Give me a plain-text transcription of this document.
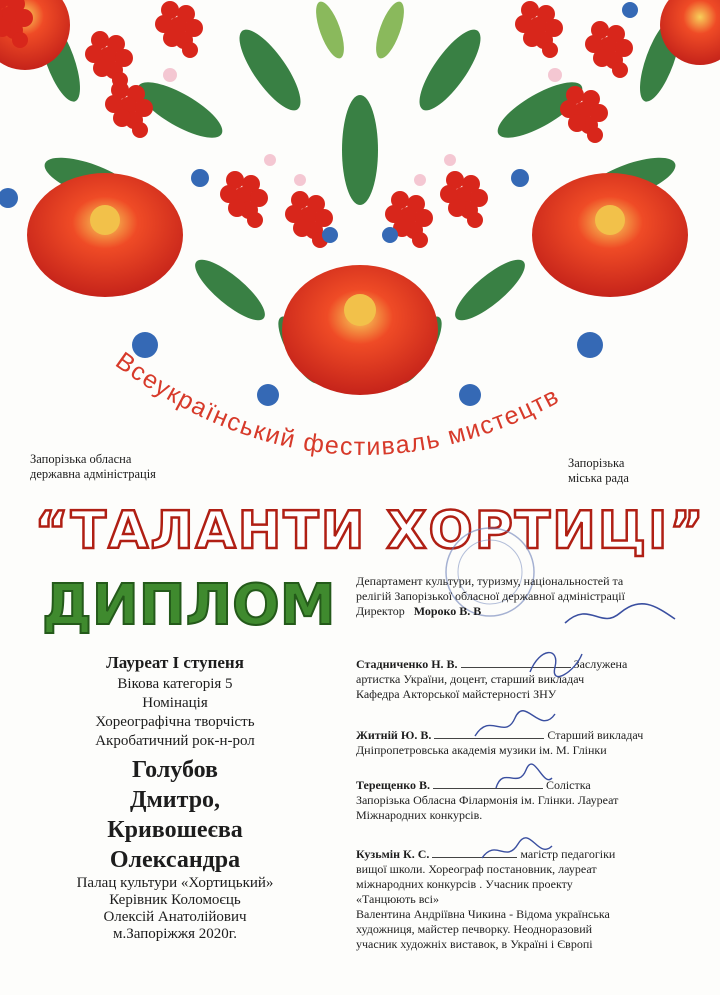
Всеукраїнський фестиваль мистецтв
Запорізька обласна
державна адміністрація
Запорізька
міська рада
“ТАЛАНТИ ХОРТИЦІ”
ДИПЛОМ
Лауреат І ступеня
Вікова категорія 5
Номінація
Хореографічна творчість
Акробатичний рок-н-рол
Голубов
Дмитро,
Кривошеєва
Олександра
Палац культури «Хортицький»
Керівник Коломоєць
Олексій Анатолійович
м.Запоріжжя 2020г.
Департамент культури, туризму, національностей та
релігій Запорізької обласної державної адміністрації
Директор Мороко В. В
Стадниченко Н. В.	Заслужена
артистка України, доцент, старший викладач
Кафедра Акторської майстерності ЗНУ
Житній Ю. В.	Старший викладач
Дніпропетровська академія музики ім. М. Глінки
Терещенко В.	Солістка
Запорізька Обласна Філармонія ім. Глінки. Лауреат
Міжнародних конкурсів.
Кузьмін К. С.	магістр педагогіки
вищої школи. Хореограф постановник, лауреат
міжнародних конкурсів . Учасник проекту
«Танцюють всі»
Валентина Андріївна Чикина - Відома українська
художниця, майстер печворку. Неодноразовий
учасник художніх виставок, в Україні і Європі
